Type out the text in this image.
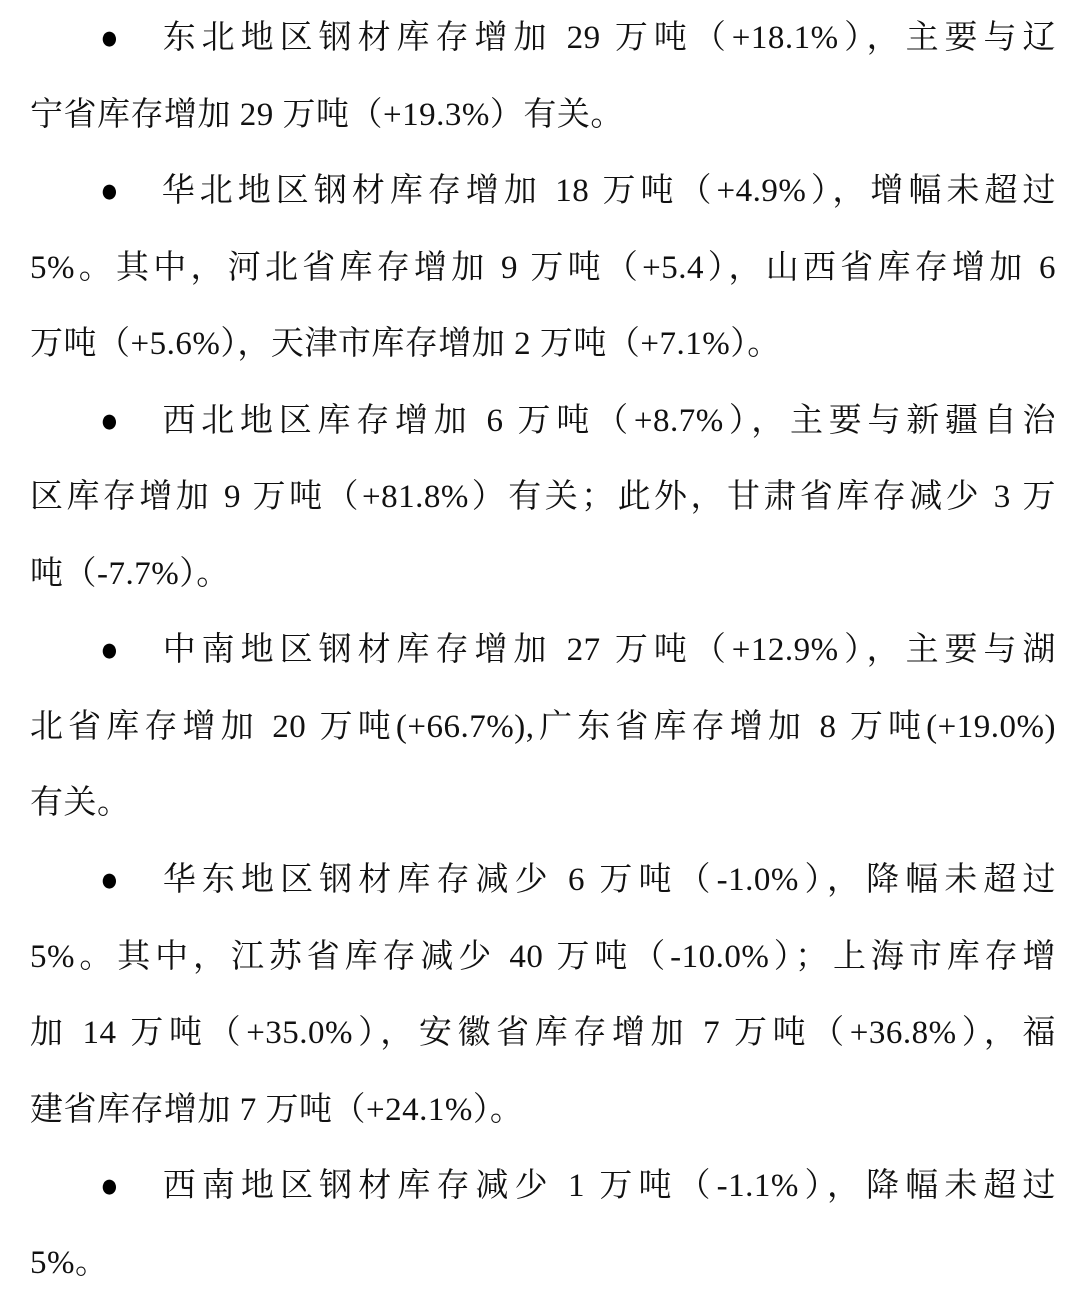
● 东北地区钢材库存增加 29 万吨（+18.1%），主要与辽
宁省库存增加 29 万吨（+19.3%）有关。
● 华北地区钢材库存增加 18 万吨（+4.9%），增幅未超过
5%。其中，河北省库存增加 9 万吨（+5.4），山西省库存增加 6
万吨（+5.6%），天津市库存增加 2 万吨（+7.1%）。
● 西北地区库存增加 6 万吨（+8.7%），主要与新疆自治
区库存增加 9 万吨（+81.8%）有关；此外，甘肃省库存减少 3 万
吨（-7.7%）。
● 中南地区钢材库存增加 27 万吨（+12.9%），主要与湖
北省库存增加 20 万吨(+66.7%),广东省库存增加 8 万吨(+19.0%)
有关。
● 华东地区钢材库存减少 6 万吨（-1.0%），降幅未超过
5%。其中，江苏省库存减少 40 万吨（-10.0%）；上海市库存增
加 14 万吨（+35.0%），安徽省库存增加 7 万吨（+36.8%），福
建省库存增加 7 万吨（+24.1%）。
● 西南地区钢材库存减少 1 万吨（-1.1%），降幅未超过
5%。
